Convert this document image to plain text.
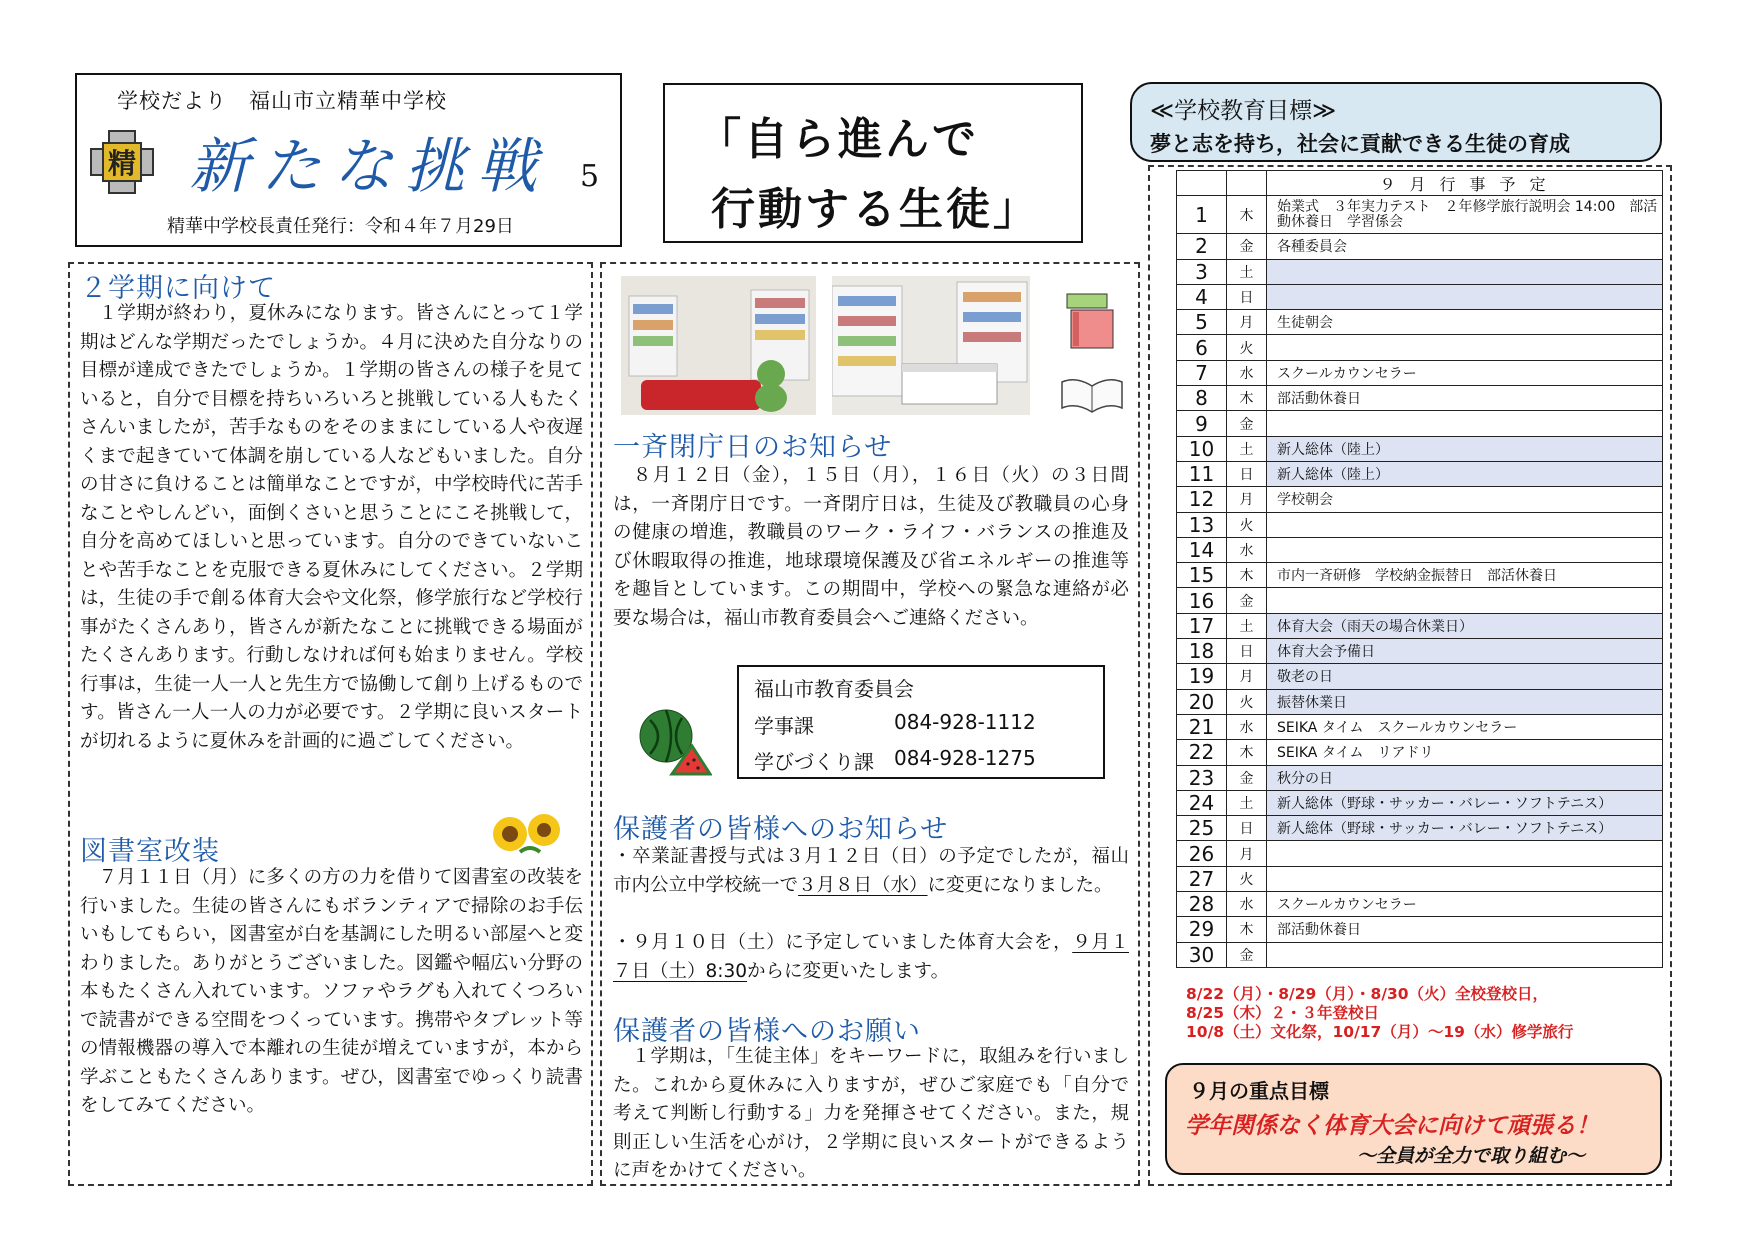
学校だより　福山市立精華中学校
精 新たな挑戦 5
精華中学校長責任発行：令和４年７月29日
「自ら進んで
行動する生徒」
≪学校教育目標≫
夢と志を持ち，社会に貢献できる生徒の育成
２学期に向けて
　１学期が終わり，夏休みになります。皆さんにとって１学期はどんな学期だったでしょうか。４月に決めた自分なりの目標が達成できたでしょうか。１学期の皆さんの様子を見ていると，自分で目標を持ちいろいろと挑戦している人もたくさんいましたが，苦手なものをそのままにしている人や夜遅くまで起きていて体調を崩している人などもいました。自分の甘さに負けることは簡単なことですが，中学校時代に苦手なことやしんどい，面倒くさいと思うことにこそ挑戦して，自分を高めてほしいと思っています。自分のできていないことや苦手なことを克服できる夏休みにしてください。２学期は，生徒の手で創る体育大会や文化祭，修学旅行など学校行事がたくさんあり，皆さんが新たなことに挑戦できる場面がたくさんあります。行動しなければ何も始まりません。学校行事は，生徒一人一人と先生方で協働して創り上げるものです。皆さん一人一人の力が必要です。２学期に良いスタートが切れるように夏休みを計画的に過ごしてください。
図書室改装
　７月１１日（月）に多くの方の力を借りて図書室の改装を行いました。生徒の皆さんにもボランティアで掃除のお手伝いもしてもらい，図書室が白を基調にした明るい部屋へと変わりました。ありがとうございました。図鑑や幅広い分野の本もたくさん入れています。ソファやラグも入れてくつろいで読書ができる空間をつくっています。携帯やタブレット等の情報機器の導入で本離れの生徒が増えていますが，本から学ぶこともたくさんあります。ぜひ，図書室でゆっくり読書をしてみてください。
一斉閉庁日のお知らせ
　８月１２日（金），１５日（月），１６日（火）の３日間は，一斉閉庁日です。一斉閉庁日は，生徒及び教職員の心身の健康の増進，教職員のワーク・ライフ・バランスの推進及び休暇取得の推進，地球環境保護及び省エネルギーの推進等を趣旨としています。この期間中，学校への緊急な連絡が必要な場合は，福山市教育委員会へご連絡ください。
福山市教育委員会
学事課	084-928-1112
学びづくり課 084-928-1275
保護者の皆様へのお知らせ
・卒業証書授与式は３月１２日（日）の予定でしたが，福山市内公立中学校統一で３月８日（水）に変更になりました。
・９月１０日（土）に予定していました体育大会を，９月１７日（土）8:30からに変更いたします。
保護者の皆様へのお願い
　１学期は，「生徒主体」をキーワードに，取組みを行いました。これから夏休みに入りますが，ぜひご家庭でも「自分で考えて判断し行動する」力を発揮させてください。また，規則正しい生活を心がけ，２学期に良いスタートができるように声をかけてください。
		９月行事予定
1	木	始業式　３年実力テスト　２年修学旅行説明会 14:00　部活動休養日　学習係会
2	金	各種委員会
3	土	
4	日	
5	月	生徒朝会
6	火	
7	水	スクールカウンセラー
8	木	部活動休養日
9	金	
10	土	新人総体（陸上）
11	日	新人総体（陸上）
12	月	学校朝会
13	火	
14	水	
15	木	市内一斉研修　学校納金振替日　部活休養日
16	金	
17	土	体育大会（雨天の場合休業日）
18	日	体育大会予備日
19	月	敬老の日
20	火	振替休業日
21	水	SEIKA タイム　スクールカウンセラー
22	木	SEIKA タイム　リアドリ
23	金	秋分の日
24	土	新人総体（野球・サッカー・バレー・ソフトテニス）
25	日	新人総体（野球・サッカー・バレー・ソフトテニス）
26	月	
27	火	
28	水	スクールカウンセラー
29	木	部活動休養日
30	金	
8/22（月）・8/29（月）・8/30（火）全校登校日，
8/25（木）２・３年登校日
10/8（土）文化祭，10/17（月）～19（水）修学旅行
９月の重点目標
学年関係なく体育大会に向けて頑張る！
～全員が全力で取り組む～
